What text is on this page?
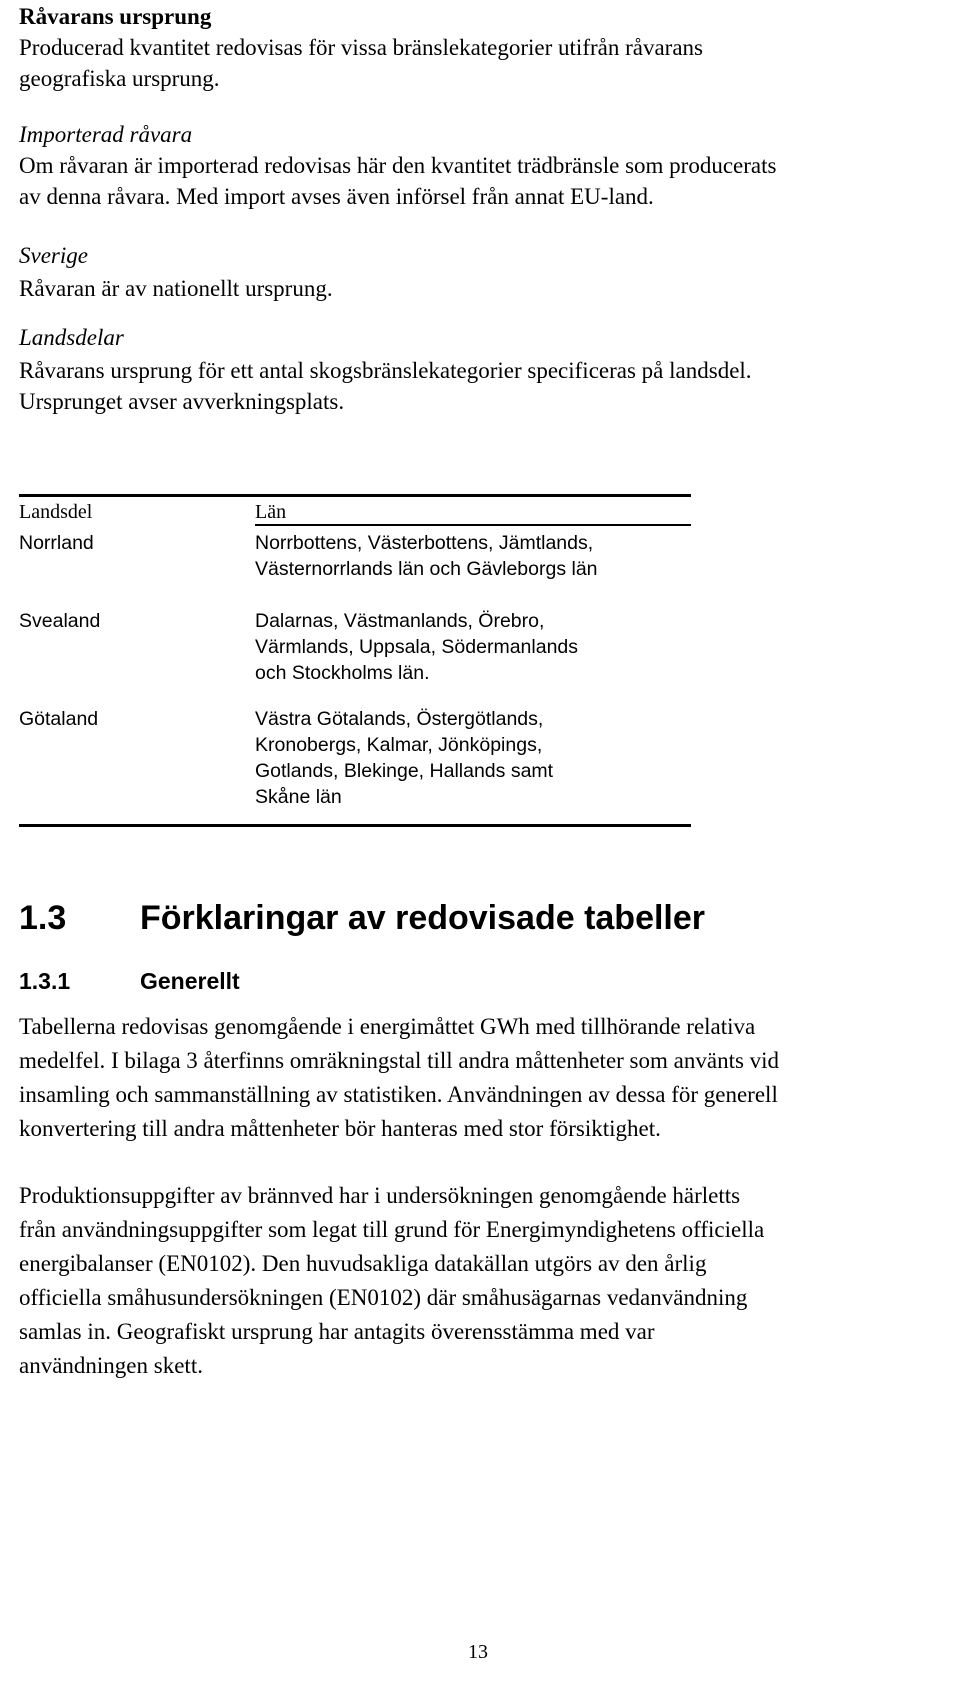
Råvarans ursprung
Producerad kvantitet redovisas för vissa bränslekategorier utifrån råvarans
geografiska ursprung.
Importerad råvara
Om råvaran är importerad redovisas här den kvantitet trädbränsle som producerats
av denna råvara. Med import avses även införsel från annat EU-land.
Sverige
Råvaran är av nationellt ursprung.
Landsdelar
Råvarans ursprung för ett antal skogsbränslekategorier specificeras på landsdel.
Ursprunget avser avverkningsplats.
Landsdel	Län
Norrland	Norrbottens, Västerbottens, Jämtlands,
Västernorrlands län och Gävleborgs län
Svealand	Dalarnas, Västmanlands, Örebro,
Värmlands, Uppsala, Södermanlands
och Stockholms län.
Götaland	Västra Götalands, Östergötlands,
Kronobergs, Kalmar, Jönköpings,
Gotlands, Blekinge, Hallands samt
Skåne län
1.3 Förklaringar av redovisade tabeller
1.3.1	Generellt
Tabellerna redovisas genomgående i energimåttet GWh med tillhörande relativa
medelfel. I bilaga 3 återfinns omräkningstal till andra måttenheter som använts vid
insamling och sammanställning av statistiken. Användningen av dessa för generell
konvertering till andra måttenheter bör hanteras med stor försiktighet.
Produktionsuppgifter av brännved har i undersökningen genomgående härletts
från användningsuppgifter som legat till grund för Energimyndighetens officiella
energibalanser (EN0102). Den huvudsakliga datakällan utgörs av den årlig
officiella småhusundersökningen (EN0102) där småhusägarnas vedanvändning
samlas in. Geografiskt ursprung har antagits överensstämma med var
användningen skett.
13
